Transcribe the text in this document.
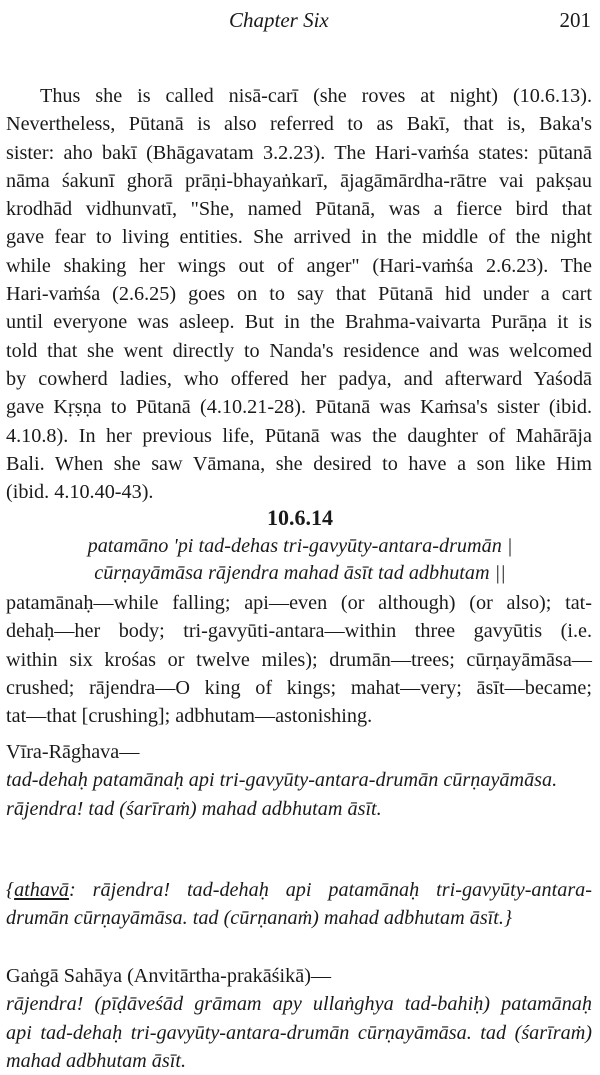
Chapter Six	201

Thus she is called nisā-carī (she roves at night) (10.6.13).
Nevertheless, Pūtanā is also referred to as Bakī, that is, Baka's
sister: aho bakī (Bhāgavatam 3.2.23). The Hari-vaṁśa states: pūtanā
nāma śakunī ghorā prāṇi-bhayaṅkarī, ājagāmārdha-rātre vai pakṣau
krodhād vidhunvatī, "She, named Pūtanā, was a fierce bird that
gave fear to living entities. She arrived in the middle of the night
while shaking her wings out of anger" (Hari-vaṁśa 2.6.23). The
Hari-vaṁśa (2.6.25) goes on to say that Pūtanā hid under a cart
until everyone was asleep. But in the Brahma-vaivarta Purāṇa it is
told that she went directly to Nanda's residence and was welcomed
by cowherd ladies, who offered her padya, and afterward Yaśodā
gave Kṛṣṇa to Pūtanā (4.10.21-28). Pūtanā was Kaṁsa's sister (ibid.
4.10.8). In her previous life, Pūtanā was the daughter of Mahārāja
Bali. When she saw Vāmana, she desired to have a son like Him
(ibid. 4.10.40-43).

10.6.14

patamāno 'pi tad-dehas tri-gavyūty-antara-drumān |

cūrṇayāmāsa rājendra mahad āsīt tad adbhutam ||

patamānaḥ—while falling; api—even (or although) (or also); tat-
dehaḥ—her body; tri-gavyūti-antara—within three gavyūtis (i.e.
within six krośas or twelve miles); drumān—trees; cūrṇayāmāsa—
crushed; rājendra—O king of kings; mahat—very; āsīt—became;
tat—that [crushing]; adbhutam—astonishing.

Vīra-Rāghava—
tad-dehaḥ patamānaḥ api tri-gavyūty-antara-drumān cūrṇayāmāsa.
rājendra! tad (śarīraṁ) mahad adbhutam āsīt.

{athavā: rājendra! tad-dehaḥ api patamānaḥ tri-gavyūty-antara-
drumān cūrṇayāmāsa. tad (cūrṇanaṁ) mahad adbhutam āsīt.}

Gaṅgā Sahāya (Anvitārtha-prakāśikā)—
rājendra! (pīḍāveśād grāmam apy ullaṅghya tad-bahiḥ) patamānaḥ
api tad-dehaḥ tri-gavyūty-antara-drumān cūrṇayāmāsa. tad (śarīraṁ)
mahad adbhutam āsīt.
